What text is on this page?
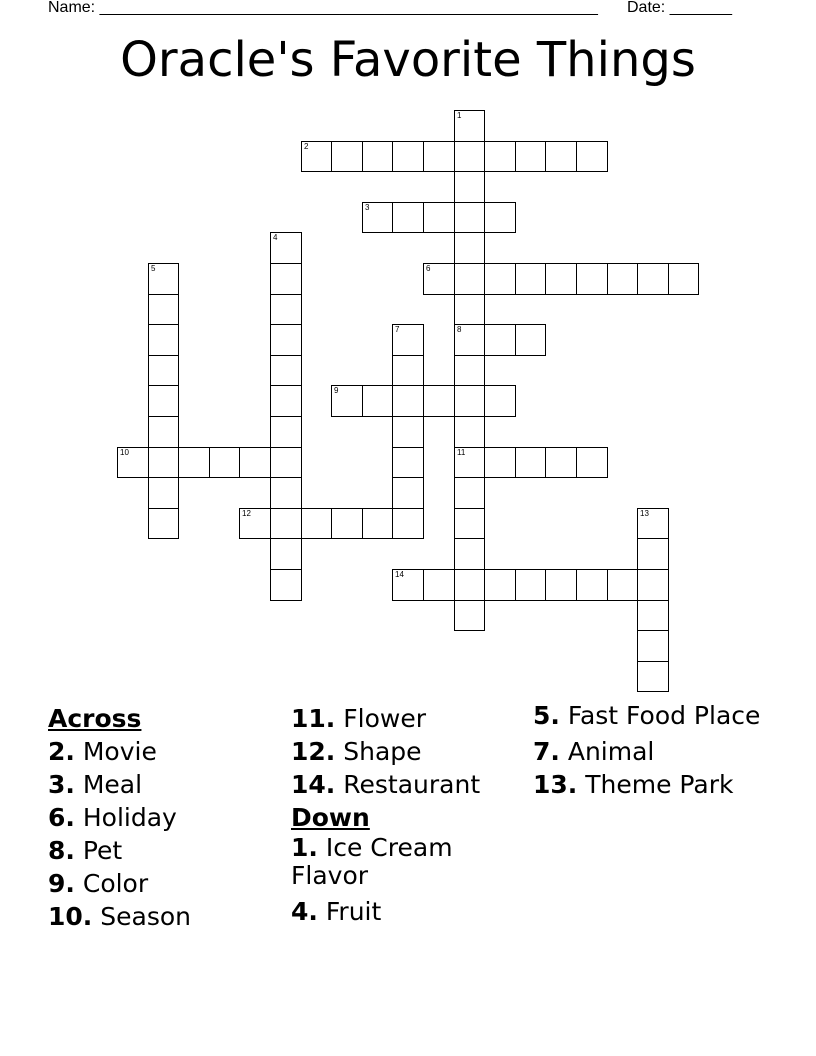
Name: ________________________________________________________ Date: _______
Oracle's Favorite Things
1
8
11
2
3
4
5	6
7
9
10
12	13
14
Across
2. Movie
3. Meal
6. Holiday
8. Pet
9. Color
10. Season
11. Flower
12. Shape
14. Restaurant
Down
1. Ice Cream Flavor
4. Fruit
5. Fast Food Place
7. Animal
13. Theme Park
